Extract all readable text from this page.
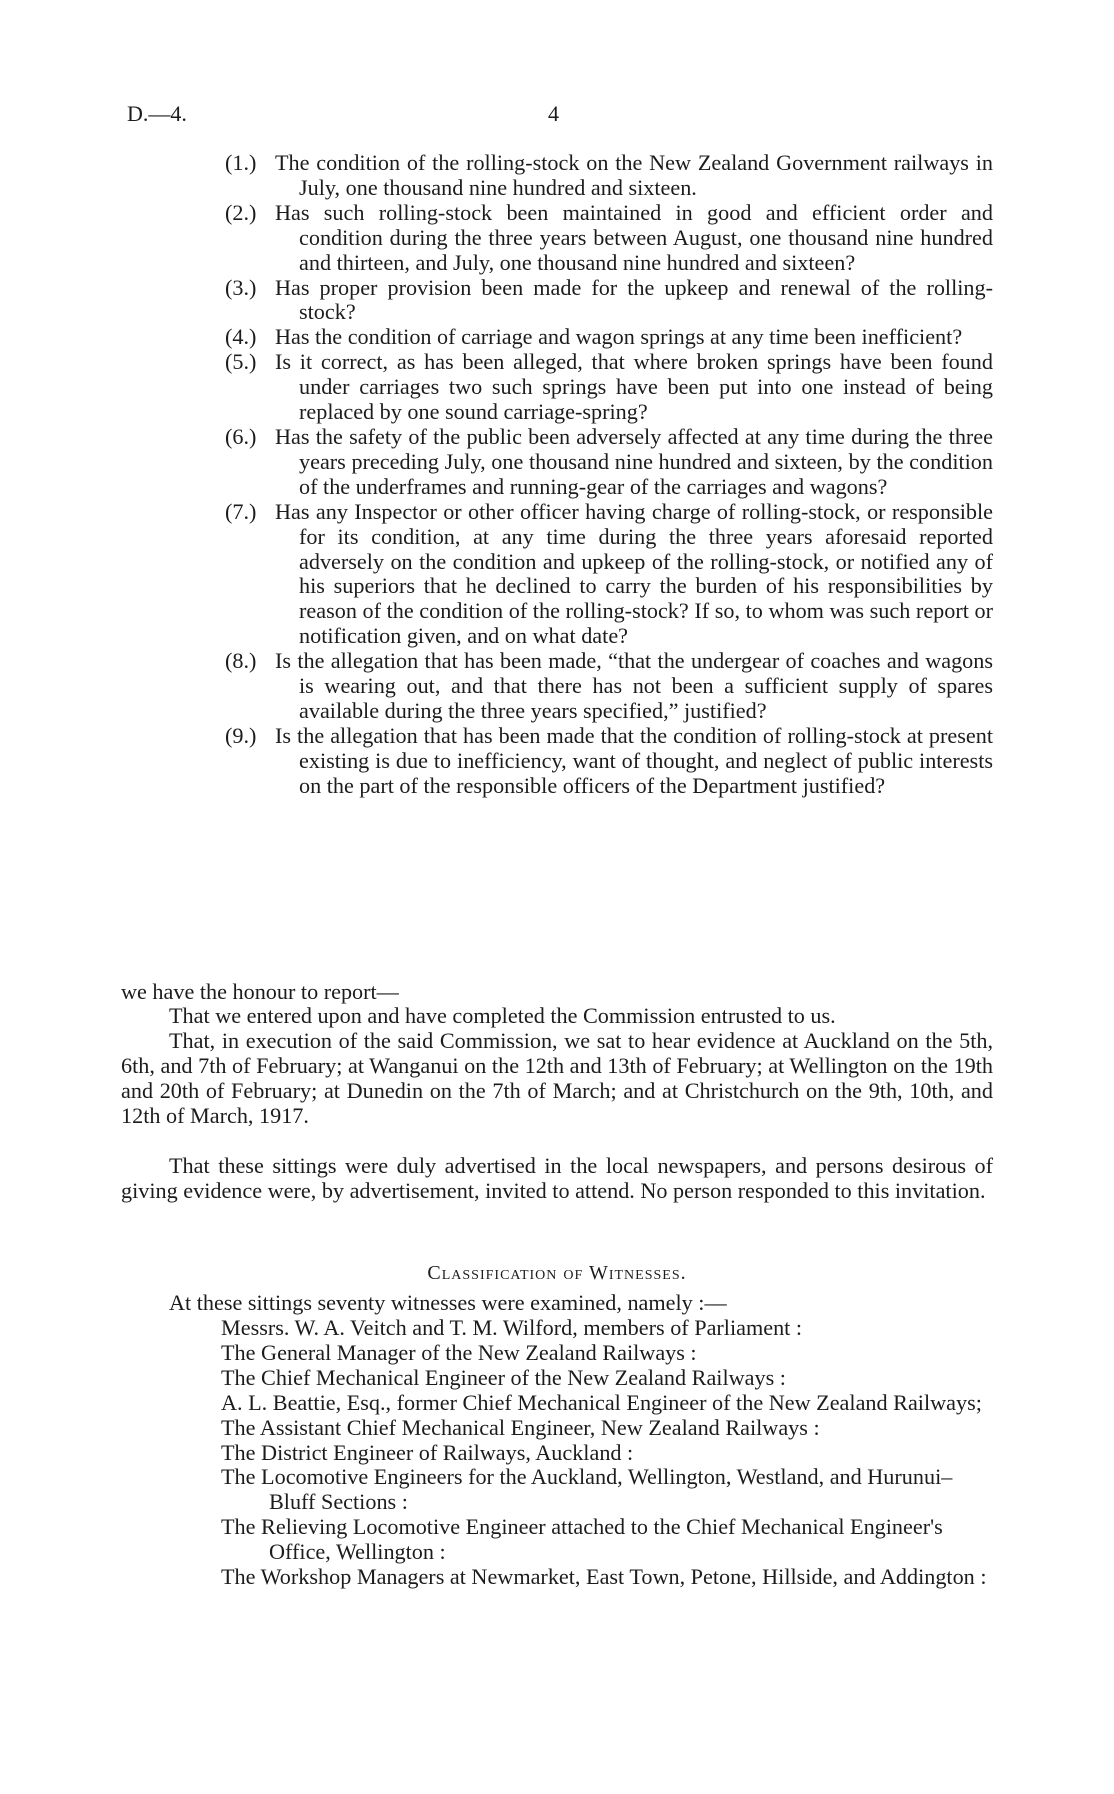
D.—4.	4
(1.) The condition of the rolling-stock on the New Zealand Government railways in July, one thousand nine hundred and sixteen.
(2.) Has such rolling-stock been maintained in good and efficient order and condition during the three years between August, one thousand nine hundred and thirteen, and July, one thousand nine hundred and sixteen?
(3.) Has proper provision been made for the upkeep and renewal of the rolling-stock?
(4.) Has the condition of carriage and wagon springs at any time been inefficient?
(5.) Is it correct, as has been alleged, that where broken springs have been found under carriages two such springs have been put into one instead of being replaced by one sound carriage-spring?
(6.) Has the safety of the public been adversely affected at any time during the three years preceding July, one thousand nine hundred and sixteen, by the condition of the underframes and running-gear of the carriages and wagons?
(7.) Has any Inspector or other officer having charge of rolling-stock, or responsible for its condition, at any time during the three years aforesaid reported adversely on the condition and upkeep of the rolling-stock, or notified any of his superiors that he declined to carry the burden of his responsibilities by reason of the condition of the rolling-stock? If so, to whom was such report or notification given, and on what date?
(8.) Is the allegation that has been made, “that the undergear of coaches and wagons is wearing out, and that there has not been a sufficient supply of spares available during the three years specified,” justified?
(9.) Is the allegation that has been made that the condition of rolling-stock at present existing is due to inefficiency, want of thought, and neglect of public interests on the part of the responsible officers of the Department justified?
we have the honour to report—

That we entered upon and have completed the Commission entrusted to us.

That, in execution of the said Commission, we sat to hear evidence at Auckland on the 5th, 6th, and 7th of February; at Wanganui on the 12th and 13th of February; at Wellington on the 19th and 20th of February; at Dunedin on the 7th of March; and at Christchurch on the 9th, 10th, and 12th of March, 1917.

That these sittings were duly advertised in the local newspapers, and persons desirous of giving evidence were, by advertisement, invited to attend. No person responded to this invitation.

Classification of Witnesses.
At these sittings seventy witnesses were examined, namely :—
Messrs. W. A. Veitch and T. M. Wilford, members of Parliament :
The General Manager of the New Zealand Railways :
The Chief Mechanical Engineer of the New Zealand Railways :
A. L. Beattie, Esq., former Chief Mechanical Engineer of the New Zealand Railways;
The Assistant Chief Mechanical Engineer, New Zealand Railways :
The District Engineer of Railways, Auckland :
The Locomotive Engineers for the Auckland, Wellington, Westland, and Hurunui–Bluff Sections :
The Relieving Locomotive Engineer attached to the Chief Mechanical Engineer's Office, Wellington :
The Workshop Managers at Newmarket, East Town, Petone, Hillside, and Addington :
